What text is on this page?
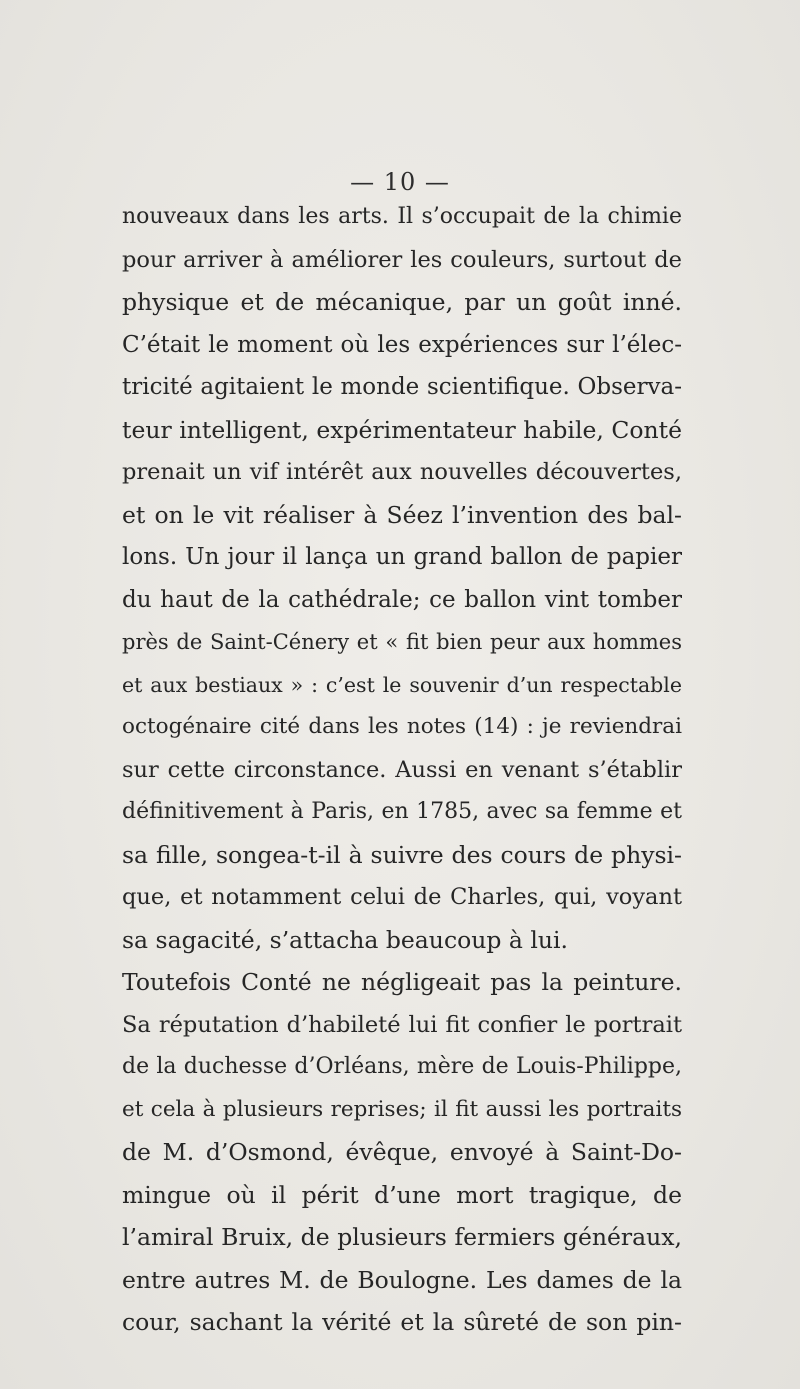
— 10 —
nouveaux dans les arts. Il s’occupait de la chimie
pour arriver à améliorer les couleurs, surtout de
physique et de mécanique, par un goût inné.
C’était le moment où les expériences sur l’élec-
tricité agitaient le monde scientifique. Observa-
teur intelligent, expérimentateur habile, Conté
prenait un vif intérêt aux nouvelles découvertes,
et on le vit réaliser à Séez l’invention des bal-
lons. Un jour il lança un grand ballon de papier
du haut de la cathédrale; ce ballon vint tomber
près de Saint-Cénery et « fit bien peur aux hommes
et aux bestiaux » : c’est le souvenir d’un respectable
octogénaire cité dans les notes (14) : je reviendrai
sur cette circonstance. Aussi en venant s’établir
définitivement à Paris, en 1785, avec sa femme et
sa fille, songea-t-il à suivre des cours de physi-
que, et notamment celui de Charles, qui, voyant
sa sagacité, s’attacha beaucoup à lui.
Toutefois Conté ne négligeait pas la peinture.
Sa réputation d’habileté lui fit confier le portrait
de la duchesse d’Orléans, mère de Louis-Philippe,
et cela à plusieurs reprises; il fit aussi les portraits
de M. d’Osmond, évêque, envoyé à Saint-Do-
mingue où il périt d’une mort tragique, de
l’amiral Bruix, de plusieurs fermiers généraux,
entre autres M. de Boulogne. Les dames de la
cour, sachant la vérité et la sûreté de son pin-
